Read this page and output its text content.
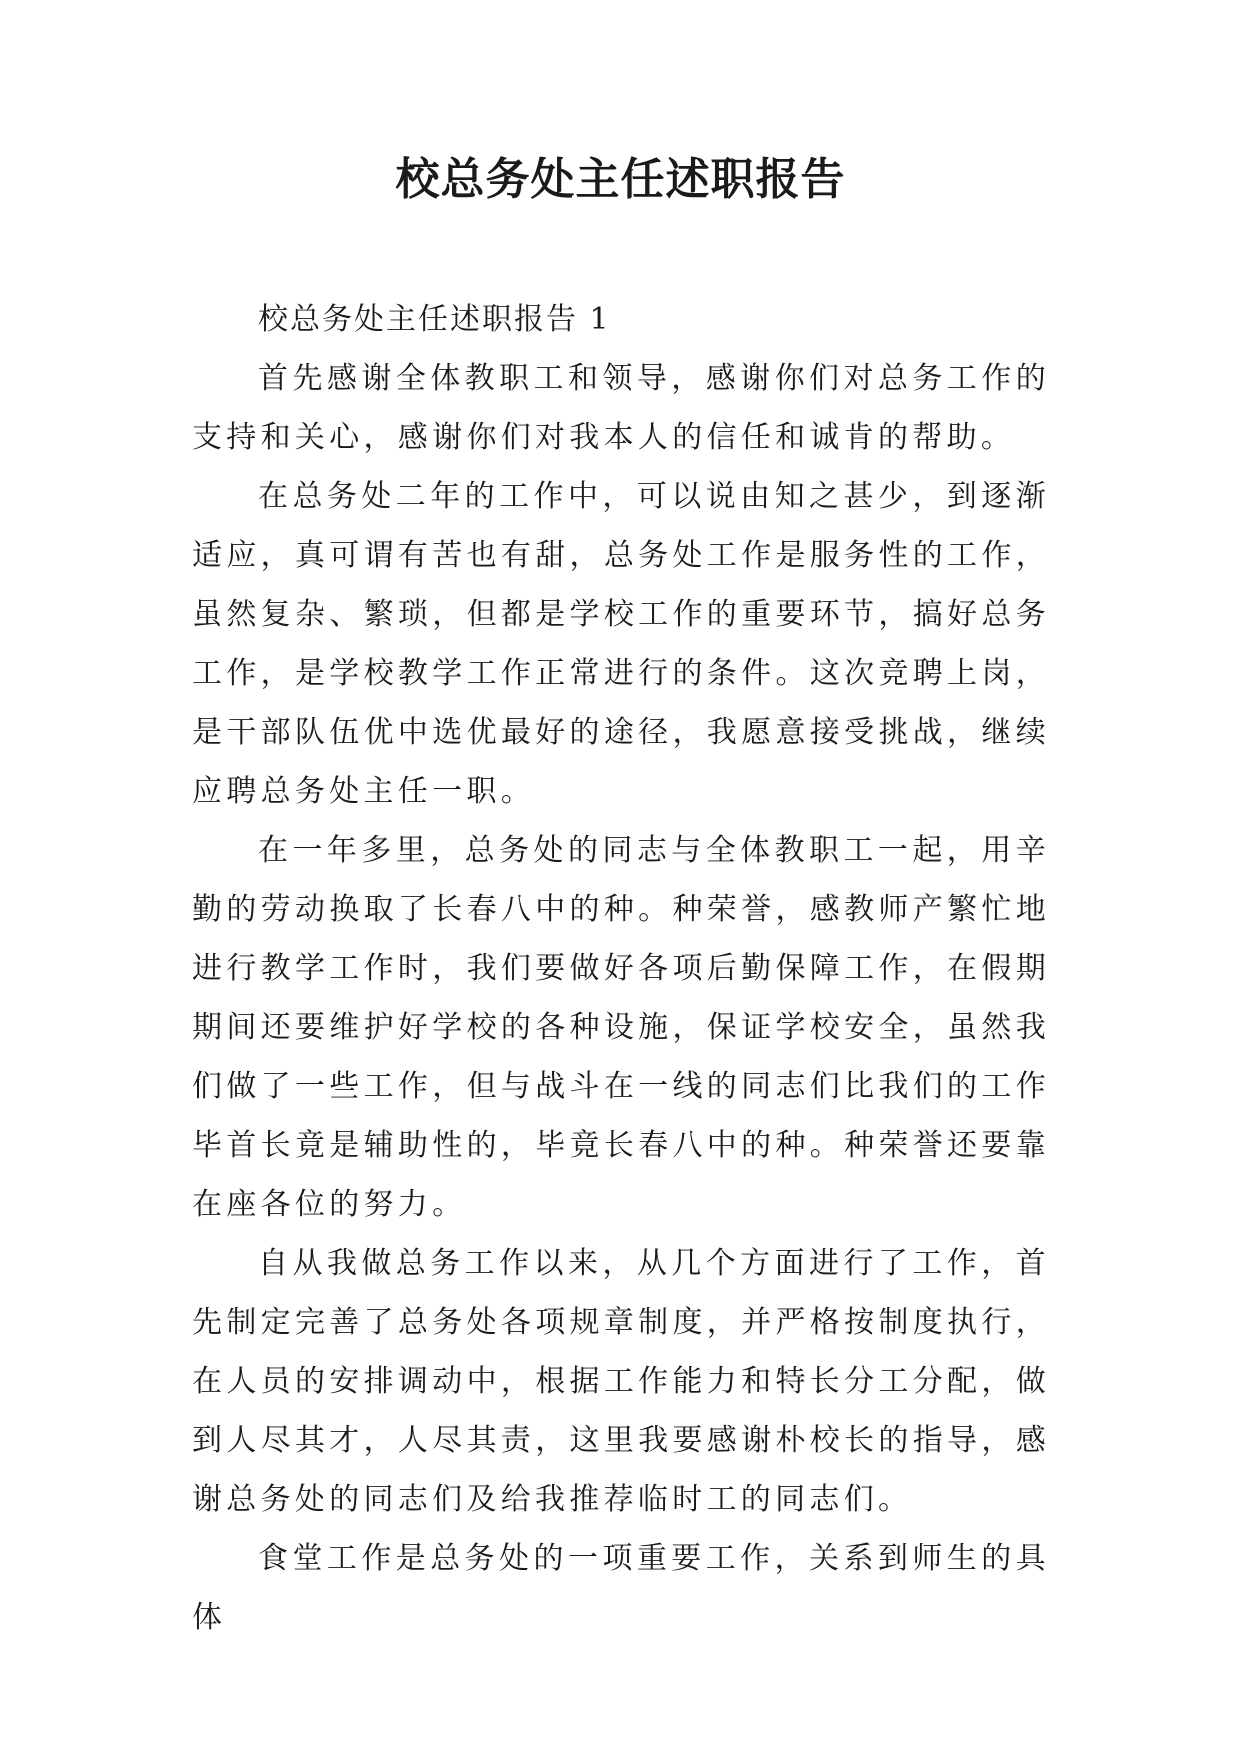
校总务处主任述职报告

校总务处主任述职报告 1

首先感谢全体教职工和领导，感谢你们对总务工作的支持和关心，感谢你们对我本人的信任和诚肯的帮助。

在总务处二年的工作中，可以说由知之甚少，到逐渐适应，真可谓有苦也有甜，总务处工作是服务性的工作，虽然复杂、繁琐，但都是学校工作的重要环节，搞好总务工作，是学校教学工作正常进行的条件。这次竞聘上岗，是干部队伍优中选优最好的途径，我愿意接受挑战，继续应聘总务处主任一职。

在一年多里，总务处的同志与全体教职工一起，用辛勤的劳动换取了长春八中的种。种荣誉，感教师产繁忙地进行教学工作时，我们要做好各项后勤保障工作，在假期期间还要维护好学校的各种设施，保证学校安全，虽然我们做了一些工作，但与战斗在一线的同志们比我们的工作毕首长竟是辅助性的，毕竟长春八中的种。种荣誉还要靠在座各位的努力。

自从我做总务工作以来，从几个方面进行了工作，首先制定完善了总务处各项规章制度，并严格按制度执行，在人员的安排调动中，根据工作能力和特长分工分配，做到人尽其才，人尽其责，这里我要感谢朴校长的指导，感谢总务处的同志们及给我推荐临时工的同志们。

食堂工作是总务处的一项重要工作，关系到师生的具体
